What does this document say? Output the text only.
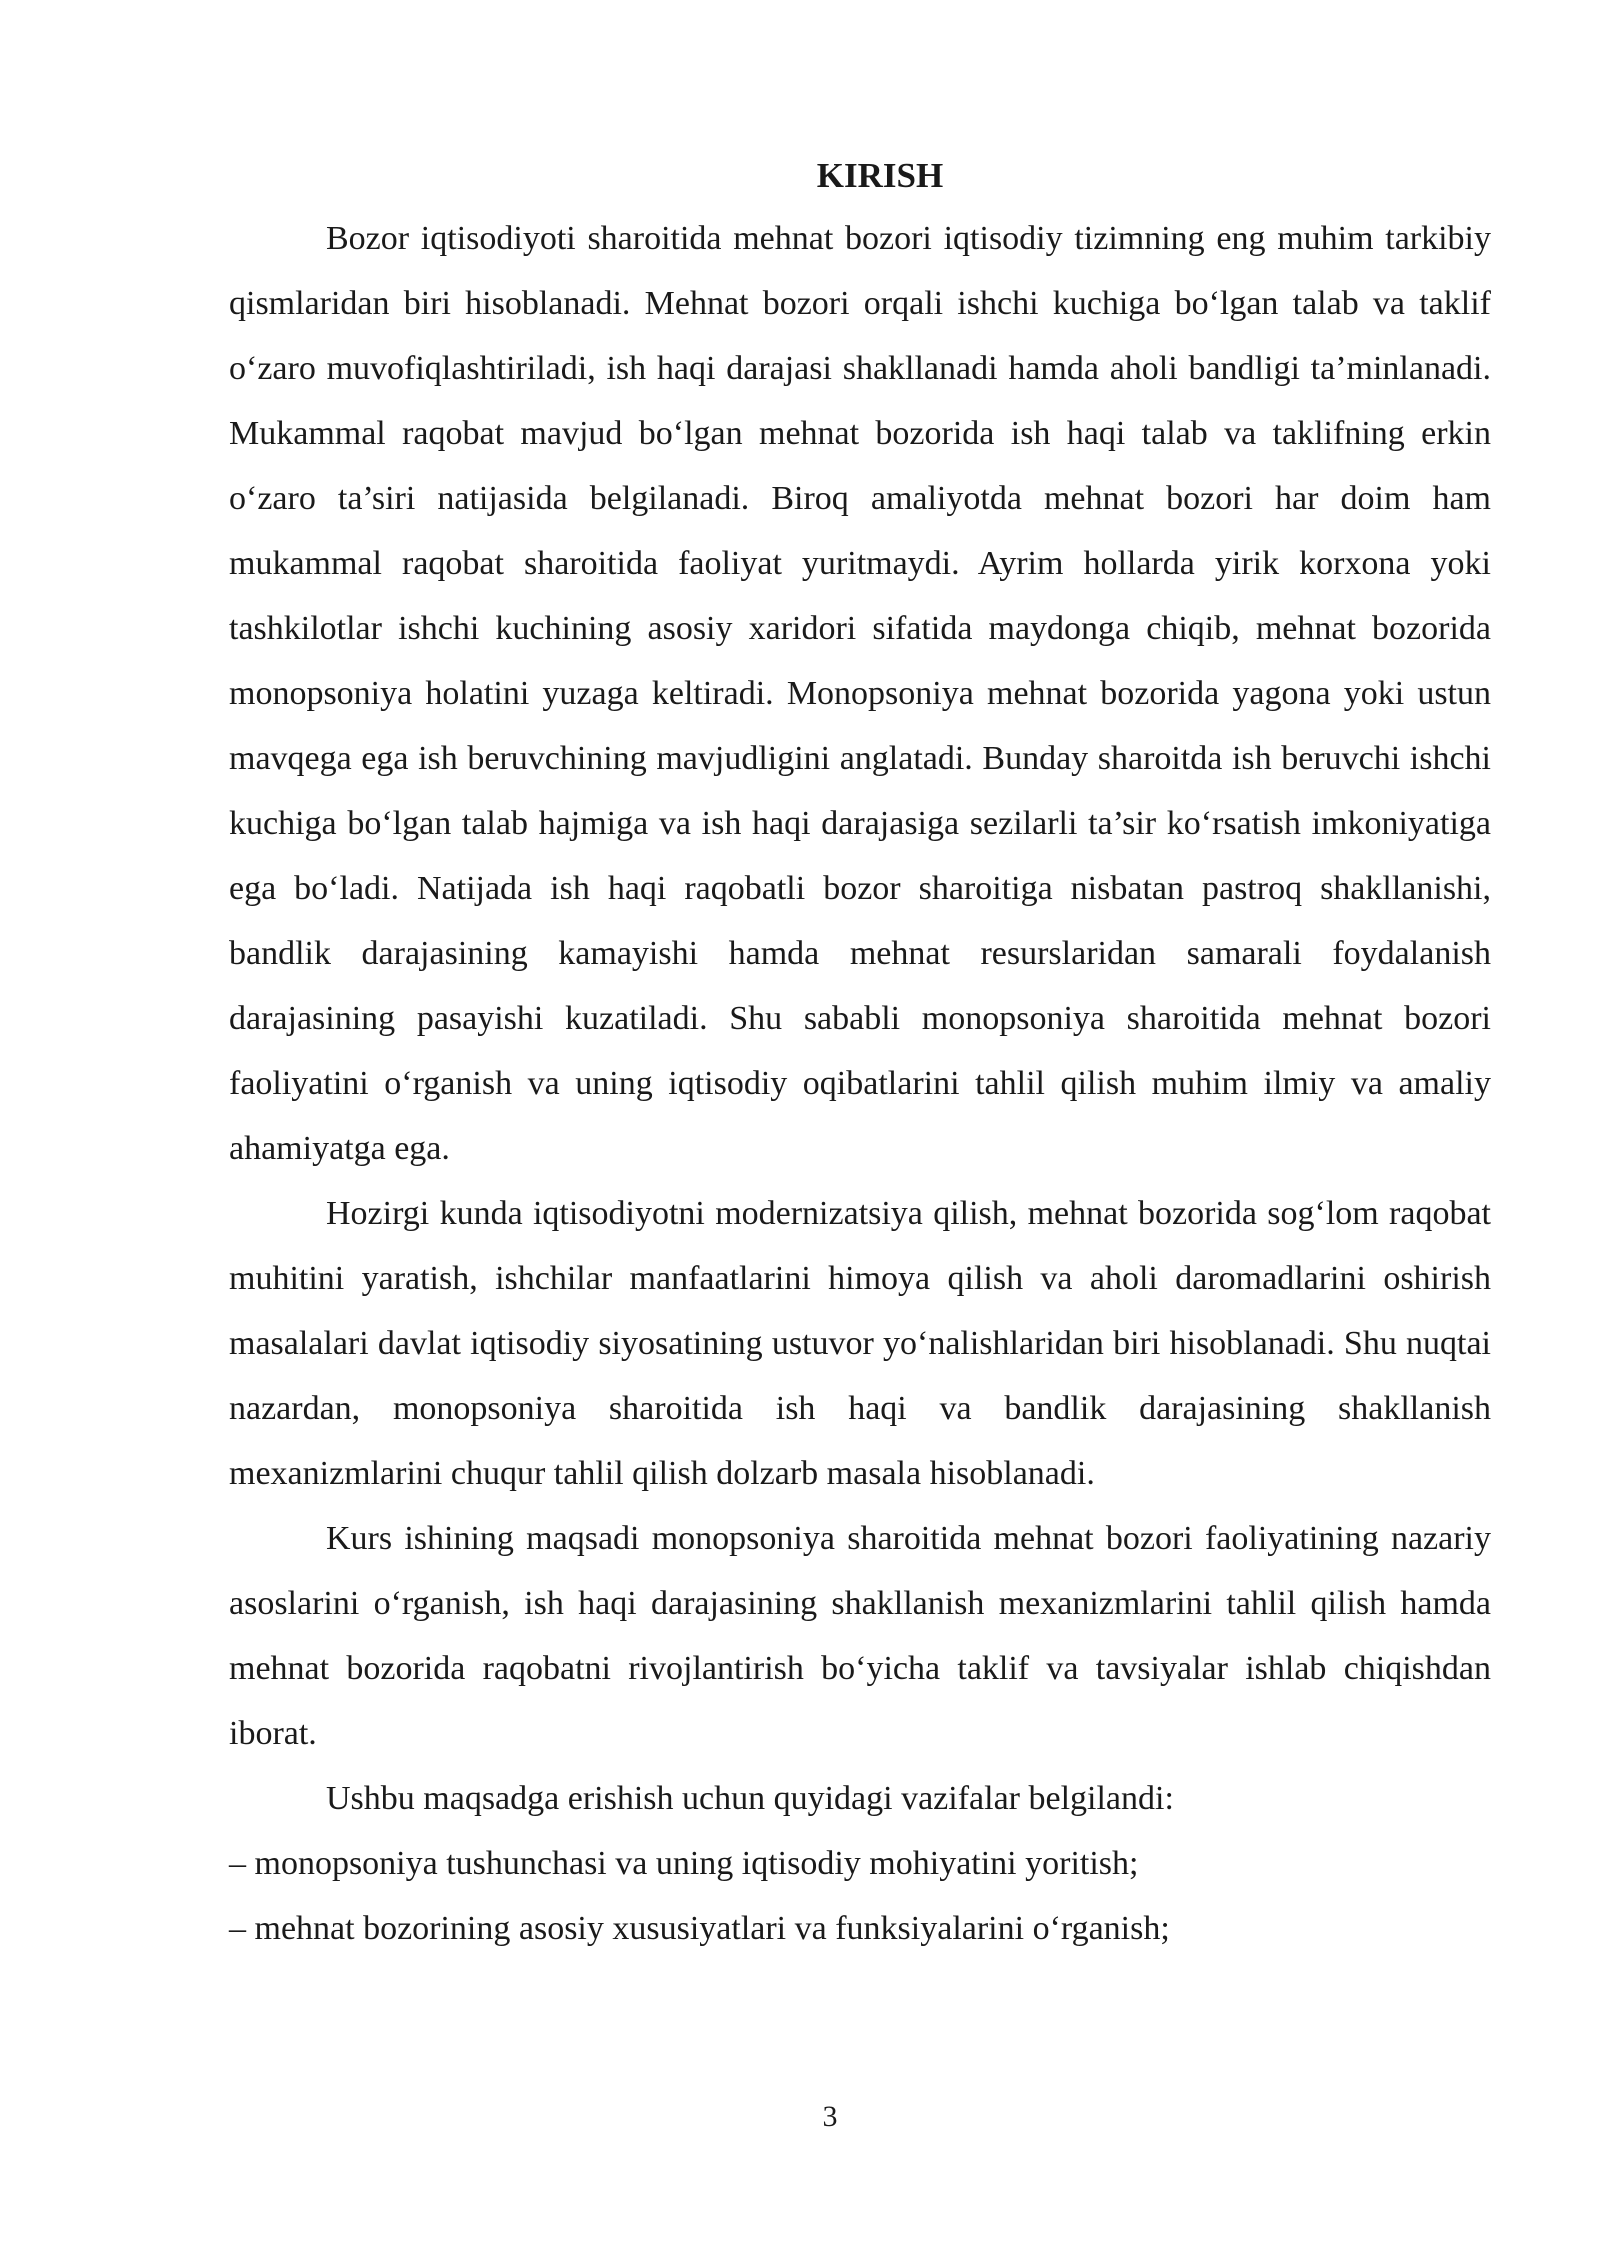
KIRISH

Bozor iqtisodiyoti sharoitida mehnat bozori iqtisodiy tizimning eng muhim tarkibiy qismlaridan biri hisoblanadi. Mehnat bozori orqali ishchi kuchiga bo‘lgan talab va taklif o‘zaro muvofiqlashtiriladi, ish haqi darajasi shakllanadi hamda aholi bandligi ta’minlanadi. Mukammal raqobat mavjud bo‘lgan mehnat bozorida ish haqi talab va taklifning erkin o‘zaro ta’siri natijasida belgilanadi. Biroq amaliyotda mehnat bozori har doim ham mukammal raqobat sharoitida faoliyat yuritmaydi. Ayrim hollarda yirik korxona yoki tashkilotlar ishchi kuchining asosiy xaridori sifatida maydonga chiqib, mehnat bozorida monopsoniya holatini yuzaga keltiradi. Monopsoniya mehnat bozorida yagona yoki ustun mavqega ega ish beruvchining mavjudligini anglatadi. Bunday sharoitda ish beruvchi ishchi kuchiga bo‘lgan talab hajmiga va ish haqi darajasiga sezilarli ta’sir ko‘rsatish imkoniyatiga ega bo‘ladi. Natijada ish haqi raqobatli bozor sharoitiga nisbatan pastroq shakllanishi, bandlik darajasining kamayishi hamda mehnat resurslaridan samarali foydalanish darajasining pasayishi kuzatiladi. Shu sababli monopsoniya sharoitida mehnat bozori faoliyatini o‘rganish va uning iqtisodiy oqibatlarini tahlil qilish muhim ilmiy va amaliy ahamiyatga ega.

Hozirgi kunda iqtisodiyotni modernizatsiya qilish, mehnat bozorida sog‘lom raqobat muhitini yaratish, ishchilar manfaatlarini himoya qilish va aholi daromadlarini oshirish masalalari davlat iqtisodiy siyosatining ustuvor yo‘nalishlaridan biri hisoblanadi. Shu nuqtai nazardan, monopsoniya sharoitida ish haqi va bandlik darajasining shakllanish mexanizmlarini chuqur tahlil qilish dolzarb masala hisoblanadi.

Kurs ishining maqsadi monopsoniya sharoitida mehnat bozori faoliyatining nazariy asoslarini o‘rganish, ish haqi darajasining shakllanish mexanizmlarini tahlil qilish hamda mehnat bozorida raqobatni rivojlantirish bo‘yicha taklif va tavsiyalar ishlab chiqishdan iborat.

Ushbu maqsadga erishish uchun quyidagi vazifalar belgilandi:

– monopsoniya tushunchasi va uning iqtisodiy mohiyatini yoritish;
– mehnat bozorining asosiy xususiyatlari va funksiyalarini o‘rganish;
3
